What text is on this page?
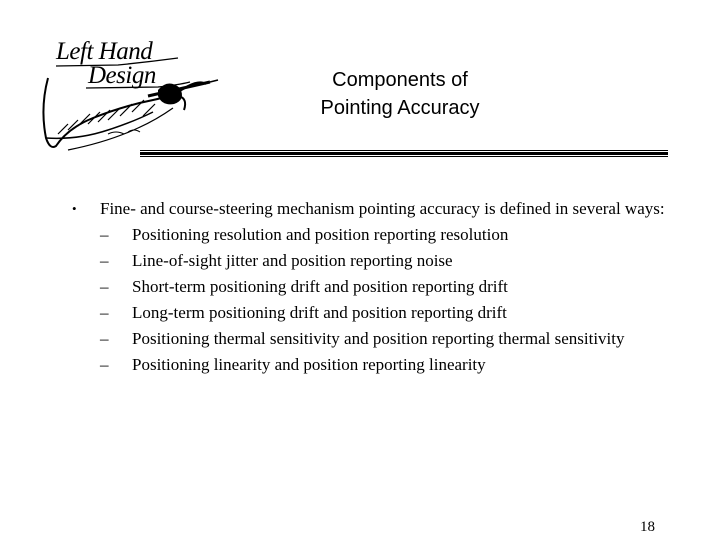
Left Hand
Design	Components of
Pointing Accuracy
• Fine- and course-steering mechanism pointing accuracy is defined in several ways:
– Positioning resolution and position reporting resolution
– Line-of-sight jitter and position reporting noise
– Short-term positioning drift and position reporting drift
– Long-term positioning drift and position reporting drift
– Positioning thermal sensitivity and position reporting thermal sensitivity
– Positioning linearity and position reporting linearity
18
